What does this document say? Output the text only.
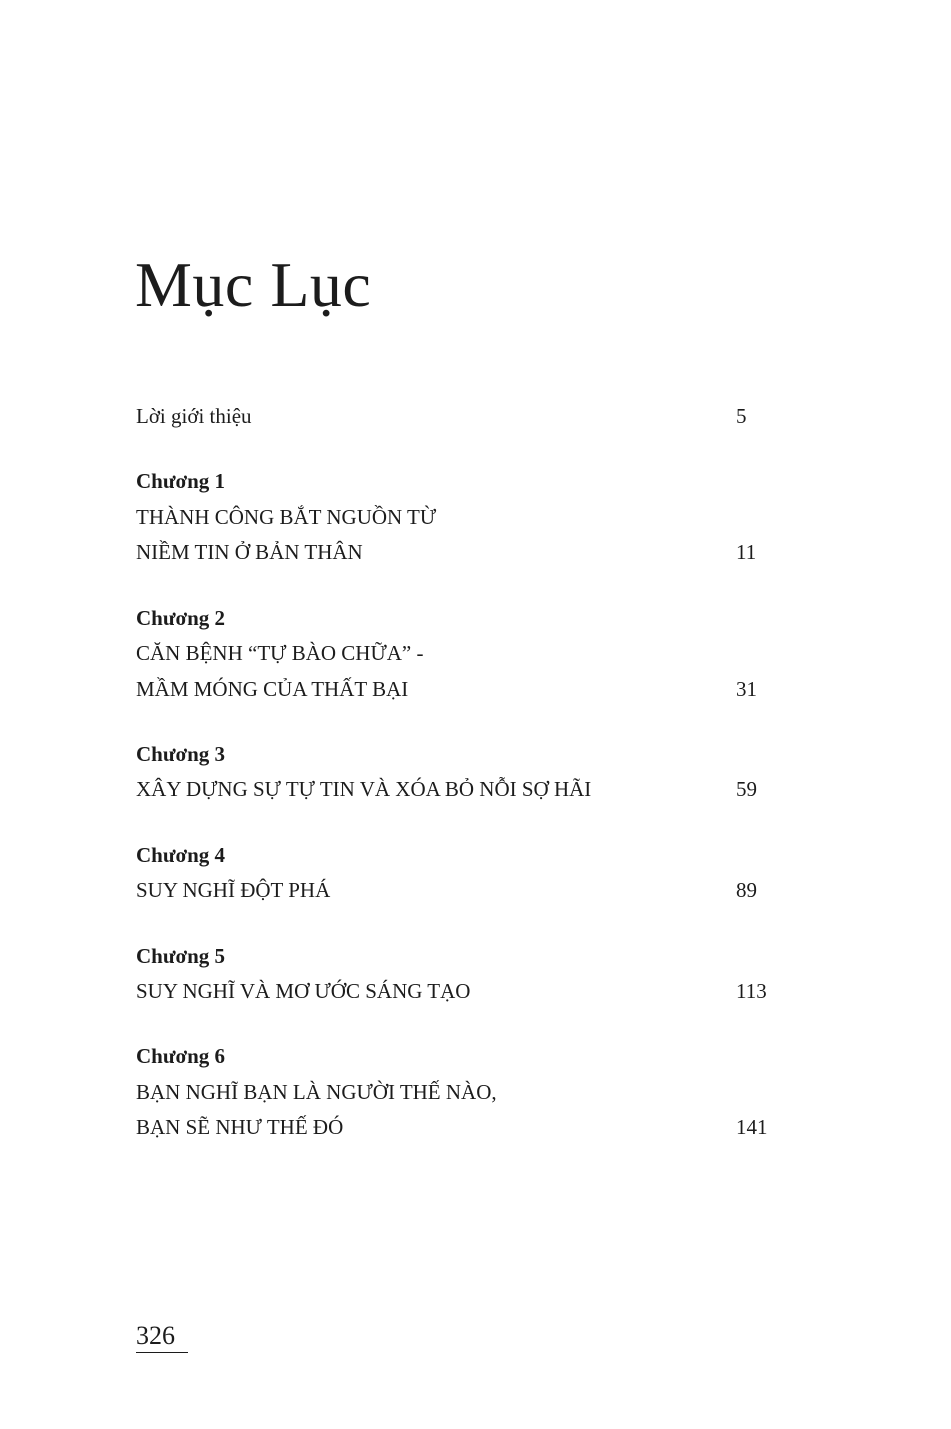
Mục Lục
Lời giới thiệu	5
Chương 1
THÀNH CÔNG BẮT NGUỒN TỪ
NIỀM TIN Ở BẢN THÂN	11
Chương 2
CĂN BỆNH “TỰ BÀO CHỮA” -
MẦM MÓNG CỦA THẤT BẠI	31
Chương 3
XÂY DỰNG SỰ TỰ TIN VÀ XÓA BỎ NỖI SỢ HÃI	59
Chương 4
SUY NGHĨ ĐỘT PHÁ	89
Chương 5
SUY NGHĨ VÀ MƠ ƯỚC SÁNG TẠO	113
Chương 6
BẠN NGHĨ BẠN LÀ NGƯỜI THẾ NÀO,
BẠN SẼ NHƯ THẾ ĐÓ	141
326
